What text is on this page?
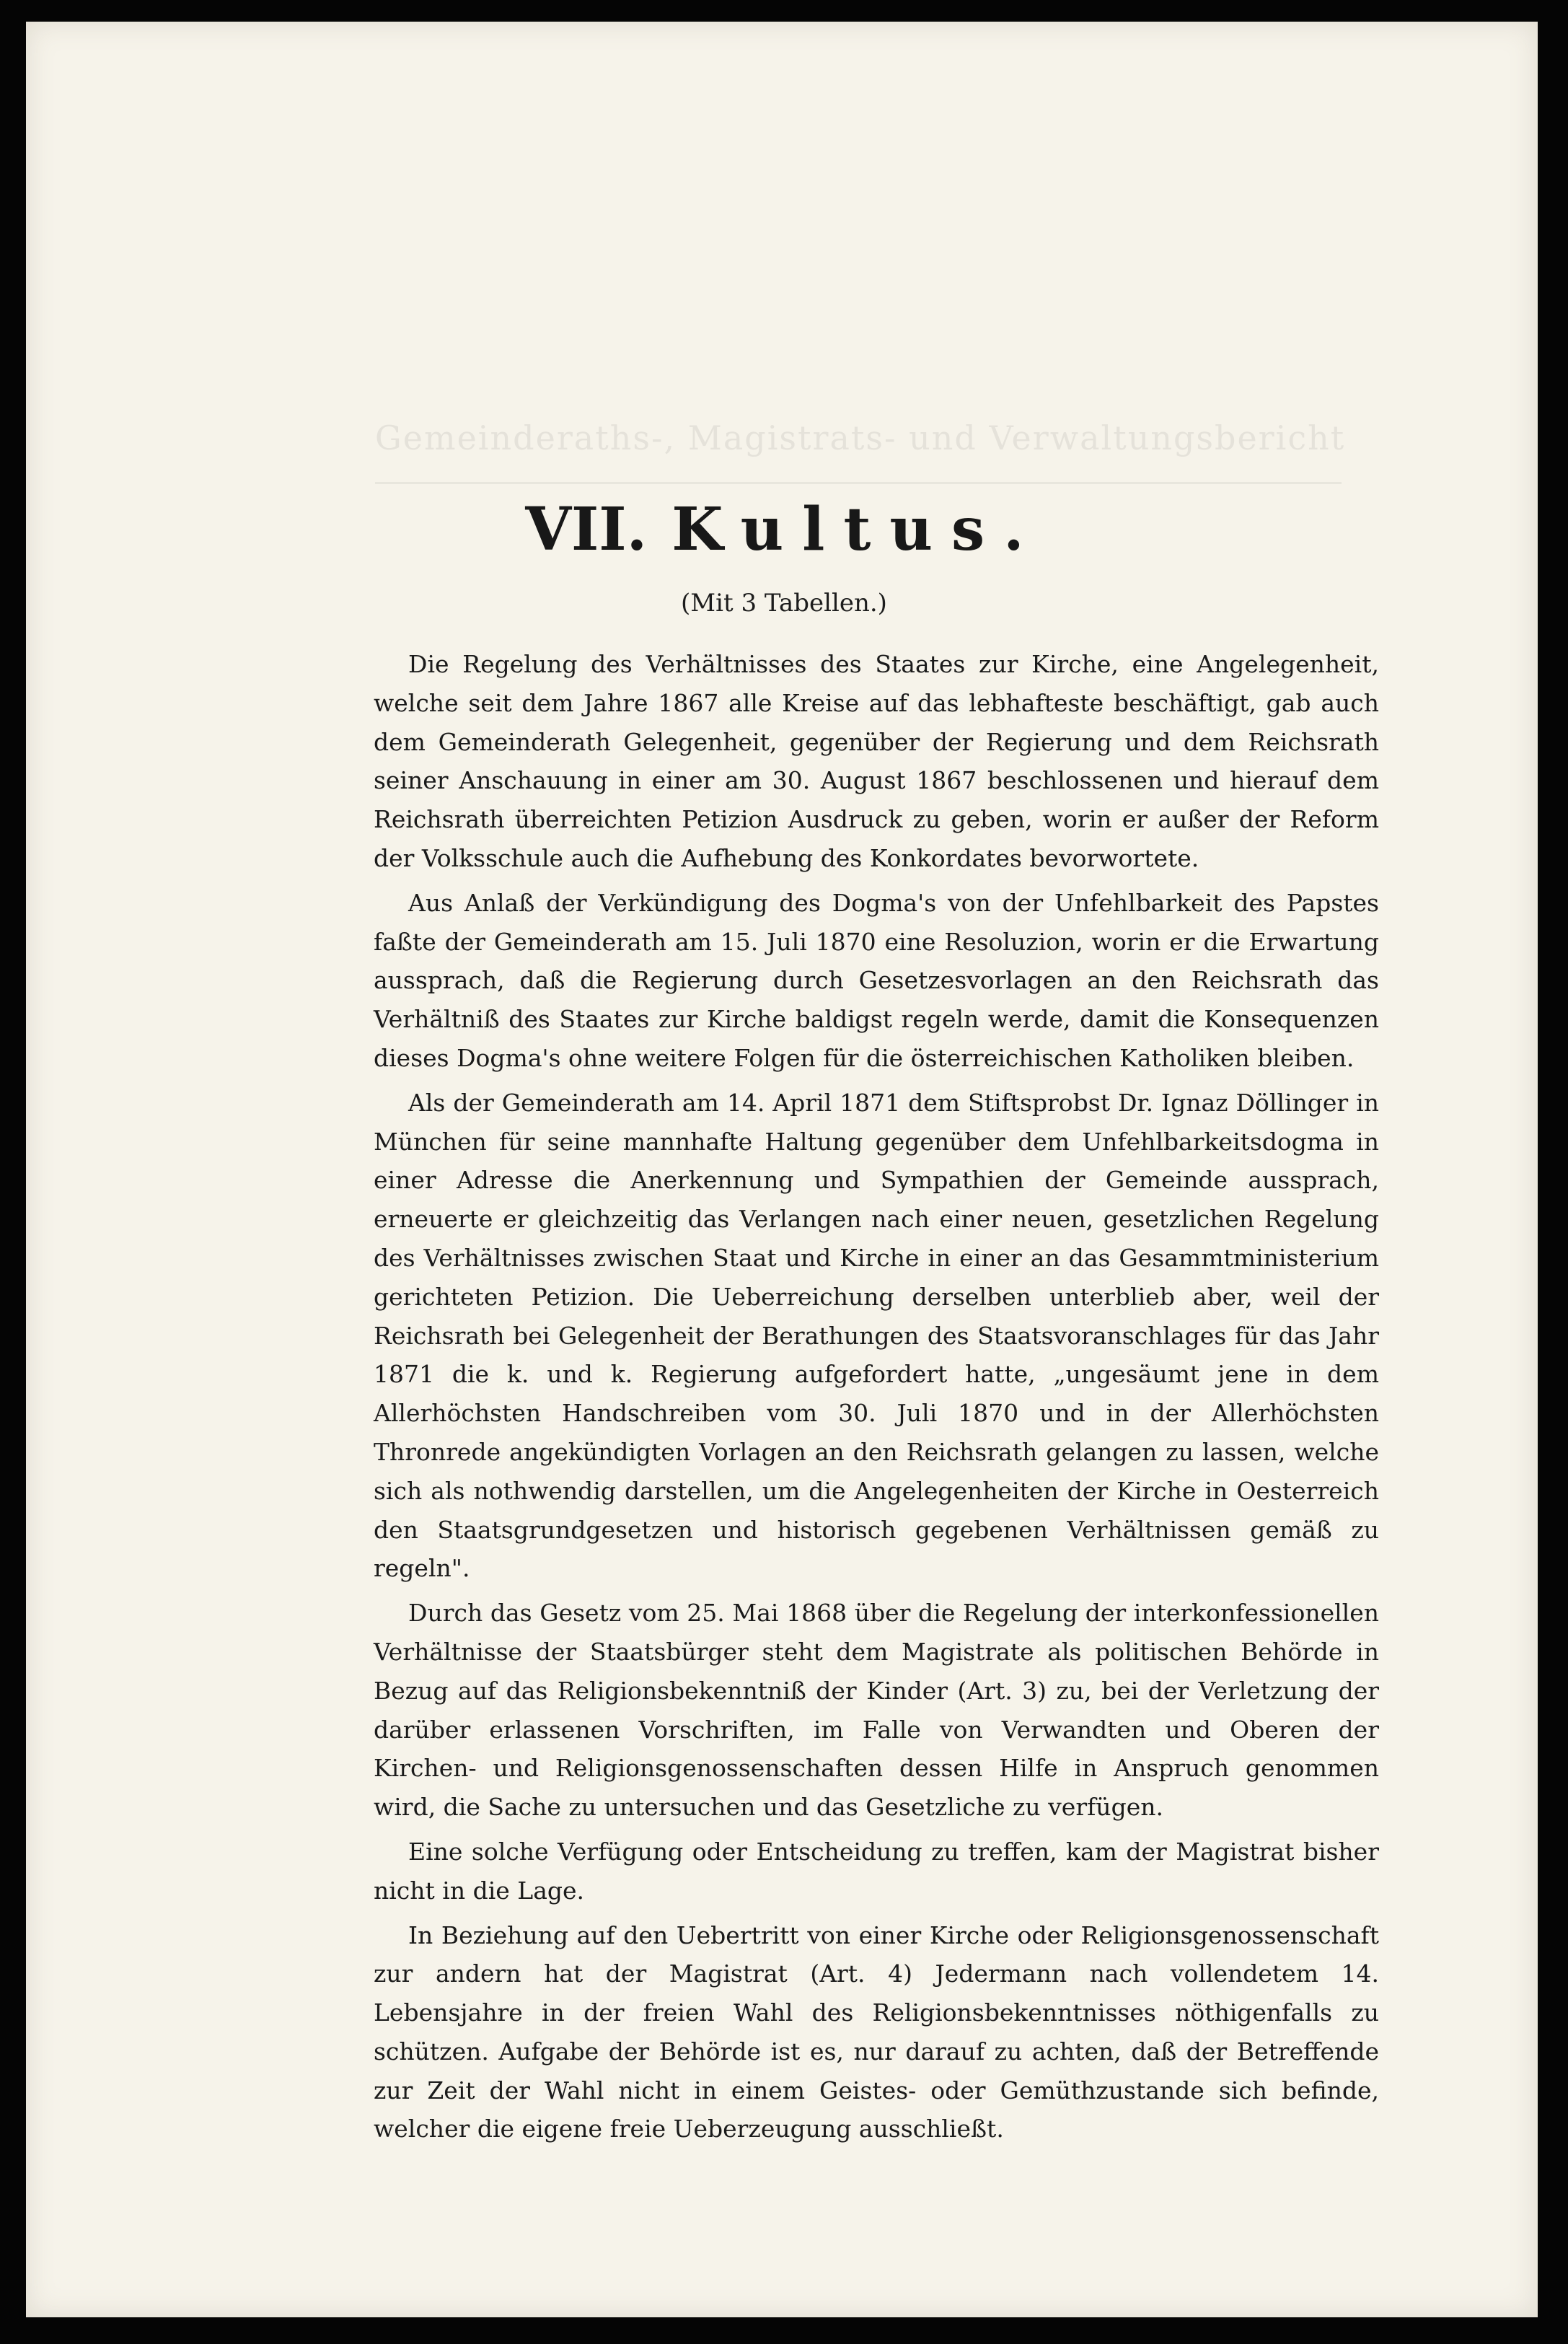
Gemeinderaths-, Magistrats- und Verwaltungsbericht
VII. Kultus.
(Mit 3 Tabellen.)

Die Regelung des Verhältnisses des Staates zur Kirche, eine Angelegenheit, welche seit dem Jahre 1867 alle Kreise auf das lebhafteste beschäftigt, gab auch dem Gemeinderath Gelegenheit, gegenüber der Regierung und dem Reichsrath seiner Anschauung in einer am 30. August 1867 beschlossenen und hierauf dem Reichsrath überreichten Petizion Ausdruck zu geben, worin er außer der Reform der Volksschule auch die Aufhebung des Konkordates bevorwortete.

Aus Anlaß der Verkündigung des Dogma's von der Unfehlbarkeit des Papstes faßte der Gemeinderath am 15. Juli 1870 eine Resoluzion, worin er die Erwartung aussprach, daß die Regierung durch Gesetzesvorlagen an den Reichsrath das Verhältniß des Staates zur Kirche baldigst regeln werde, damit die Konsequenzen dieses Dogma's ohne weitere Folgen für die österreichischen Katholiken bleiben.

Als der Gemeinderath am 14. April 1871 dem Stiftsprobst Dr. Ignaz Döllinger in München für seine mannhafte Haltung gegenüber dem Unfehlbarkeitsdogma in einer Adresse die Anerkennung und Sympathien der Gemeinde aussprach, erneuerte er gleichzeitig das Verlangen nach einer neuen, gesetzlichen Regelung des Verhältnisses zwischen Staat und Kirche in einer an das Gesammtministerium gerichteten Petizion. Die Ueberreichung derselben unterblieb aber, weil der Reichsrath bei Gelegenheit der Berathungen des Staatsvoranschlages für das Jahr 1871 die k. und k. Regierung aufgefordert hatte, „ungesäumt jene in dem Allerhöchsten Handschreiben vom 30. Juli 1870 und in der Allerhöchsten Thronrede angekündigten Vorlagen an den Reichsrath gelangen zu lassen, welche sich als nothwendig darstellen, um die Angelegenheiten der Kirche in Oesterreich den Staatsgrundgesetzen und historisch gegebenen Verhältnissen gemäß zu regeln".

Durch das Gesetz vom 25. Mai 1868 über die Regelung der interkonfessionellen Verhältnisse der Staatsbürger steht dem Magistrate als politischen Behörde in Bezug auf das Religionsbekenntniß der Kinder (Art. 3) zu, bei der Verletzung der darüber erlassenen Vorschriften, im Falle von Verwandten und Oberen der Kirchen- und Religionsgenossenschaften dessen Hilfe in Anspruch genommen wird, die Sache zu untersuchen und das Gesetzliche zu verfügen.

Eine solche Verfügung oder Entscheidung zu treffen, kam der Magistrat bisher nicht in die Lage.

In Beziehung auf den Uebertritt von einer Kirche oder Religionsgenossenschaft zur andern hat der Magistrat (Art. 4) Jedermann nach vollendetem 14. Lebensjahre in der freien Wahl des Religionsbekenntnisses nöthigenfalls zu schützen. Aufgabe der Behörde ist es, nur darauf zu achten, daß der Betreffende zur Zeit der Wahl nicht in einem Geistes- oder Gemüthzustande sich befinde, welcher die eigene freie Ueberzeugung ausschließt.
